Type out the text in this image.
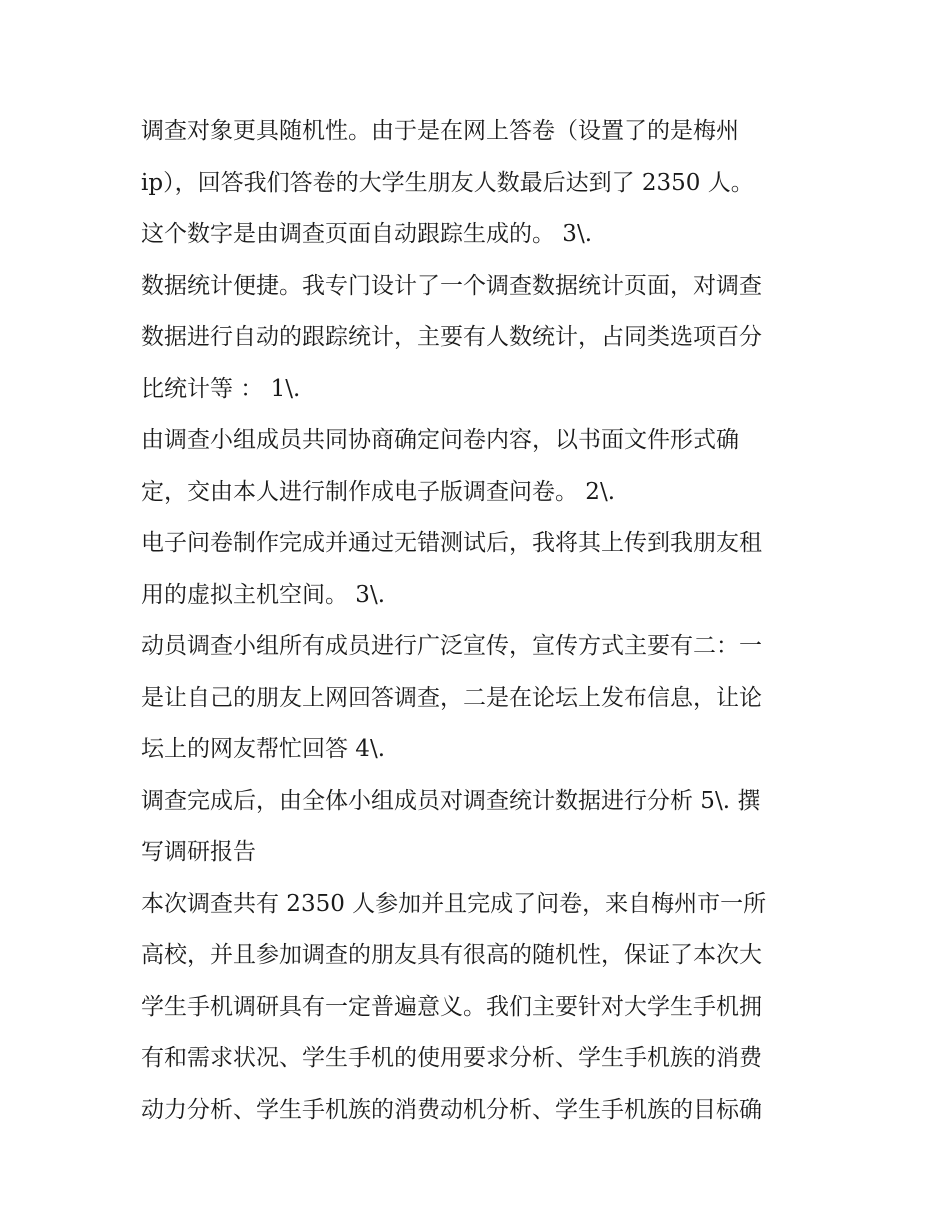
调查对象更具随机性。由于是在网上答卷（设置了的是梅州
ip），回答我们答卷的大学生朋友人数最后达到了 2350 人。
这个数字是由调查页面自动跟踪生成的。 3\.
数据统计便捷。我专门设计了一个调查数据统计页面，对调查
数据进行自动的跟踪统计，主要有人数统计，占同类选项百分
比统计等 ： 1\.
由调查小组成员共同协商确定问卷内容，以书面文件形式确
定，交由本人进行制作成电子版调查问卷。 2\.
电子问卷制作完成并通过无错测试后，我将其上传到我朋友租
用的虚拟主机空间。 3\.
动员调查小组所有成员进行广泛宣传，宣传方式主要有二：一
是让自己的朋友上网回答调查，二是在论坛上发布信息，让论
坛上的网友帮忙回答 4\.
调查完成后，由全体小组成员对调查统计数据进行分析 5\. 撰
写调研报告
本次调查共有 2350 人参加并且完成了问卷，来自梅州市一所
高校，并且参加调查的朋友具有很高的随机性，保证了本次大
学生手机调研具有一定普遍意义。我们主要针对大学生手机拥
有和需求状况、学生手机的使用要求分析、学生手机族的消费
动力分析、学生手机族的消费动机分析、学生手机族的目标确
